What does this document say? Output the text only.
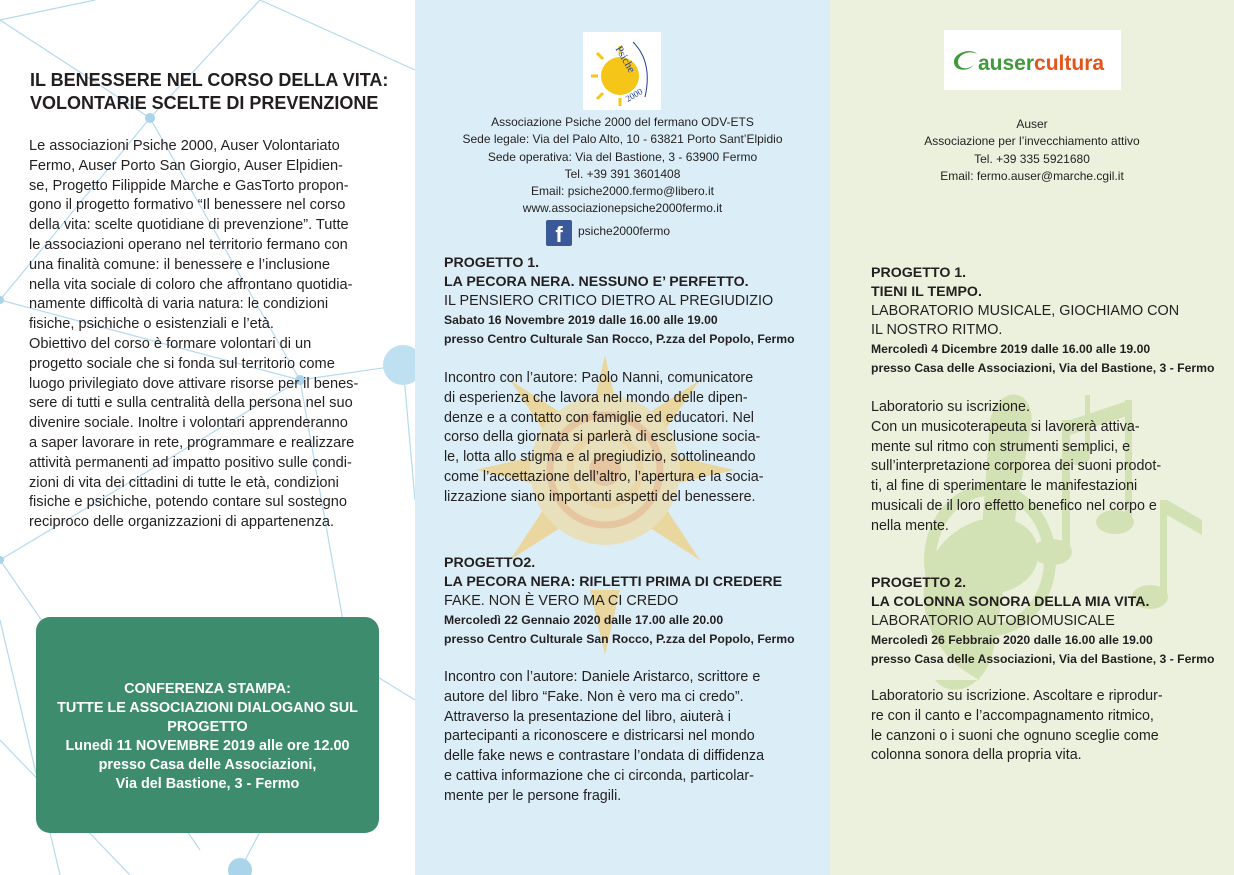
IL BENESSERE NEL CORSO DELLA VITA:
VOLONTARIE SCELTE DI PREVENZIONE
Le associazioni Psiche 2000, Auser Volontariato
Fermo, Auser Porto San Giorgio, Auser Elpidien-
se, Progetto Filippide Marche e GasTorto propon-
gono il progetto formativo “Il benessere nel corso
della vita: scelte quotidiane di prevenzione”. Tutte
le associazioni operano nel territorio fermano con
una finalità comune: il benessere e l’inclusione
nella vita sociale di coloro che affrontano quotidia-
namente difficoltà di varia natura: le condizioni
fisiche, psichiche o esistenziali e l’età.
Obiettivo del corso è formare volontari di un
progetto sociale che si fonda sul territorio come
luogo privilegiato dove attivare risorse per il benes-
sere di tutti e sulla centralità della persona nel suo
divenire sociale. Inoltre i volontari apprenderanno
a saper lavorare in rete, programmare e realizzare
attività permanenti ad impatto positivo sulle condi-
zioni di vita dei cittadini di tutte le età, condizioni
fisiche e psichiche, potendo contare sul sostegno
reciproco delle organizzazioni di appartenenza.
CONFERENZA STAMPA:
TUTTE LE ASSOCIAZIONI DIALOGANO SUL
PROGETTO
Lunedì 11 NOVEMBRE 2019 alle ore 12.00
presso Casa delle Associazioni,
Via del Bastione, 3 - Fermo
Psiche
2000
Associazione Psiche 2000 del fermano ODV-ETS
Sede legale: Via del Palo Alto, 10 - 63821 Porto Sant’Elpidio
Sede operativa: Via del Bastione, 3 - 63900 Fermo
Tel. +39 391 3601408
Email: psiche2000.fermo@libero.it
www.associazionepsiche2000fermo.it
f	psiche2000fermo
PROGETTO 1.
LA PECORA NERA. NESSUNO E’ PERFETTO.
IL PENSIERO CRITICO DIETRO AL PREGIUDIZIO
Sabato 16 Novembre 2019 dalle 16.00 alle 19.00
presso Centro Culturale San Rocco, P.zza del Popolo, Fermo
Incontro con l’autore: Paolo Nanni, comunicatore
di esperienza che lavora nel mondo delle dipen-
denze e a contatto con famiglie ed educatori. Nel
corso della giornata si parlerà di esclusione socia-
le, lotta allo stigma e al pregiudizio, sottolineando
come l’accettazione dell’altro, l’apertura e la socia-
lizzazione siano importanti aspetti del benessere.
PROGETTO2.
LA PECORA NERA: RIFLETTI PRIMA DI CREDERE
FAKE. NON È VERO MA CI CREDO
Mercoledì 22 Gennaio 2020 dalle 17.00 alle 20.00
presso Centro Culturale San Rocco, P.zza del Popolo, Fermo
Incontro con l’autore: Daniele Aristarco, scrittore e
autore del libro “Fake. Non è vero ma ci credo”.
Attraverso la presentazione del libro, aiuterà i
partecipanti a riconoscere e districarsi nel mondo
delle fake news e contrastare l’ondata di diffidenza
e cattiva informazione che ci circonda, particolar-
mente per le persone fragili.
ausercultura
Auser
Associazione per l’invecchiamento attivo
Tel. +39 335 5921680
Email: fermo.auser@marche.cgil.it
PROGETTO 1.
TIENI IL TEMPO.
LABORATORIO MUSICALE, GIOCHIAMO CON
IL NOSTRO RITMO.
Mercoledì 4 Dicembre 2019 dalle 16.00 alle 19.00
presso Casa delle Associazioni, Via del Bastione, 3 - Fermo
Laboratorio su iscrizione.
Con un musicoterapeuta si lavorerà attiva-
mente sul ritmo con strumenti semplici, e
sull’interpretazione corporea dei suoni prodot-
ti, al fine di sperimentare le manifestazioni
musicali de il loro effetto benefico nel corpo e
nella mente.
PROGETTO 2.
LA COLONNA SONORA DELLA MIA VITA.
LABORATORIO AUTOBIOMUSICALE
Mercoledì 26 Febbraio 2020 dalle 16.00 alle 19.00
presso Casa delle Associazioni, Via del Bastione, 3 - Fermo
Laboratorio su iscrizione. Ascoltare e riprodur-
re con il canto e l’accompagnamento ritmico,
le canzoni o i suoni che ognuno sceglie come
colonna sonora della propria vita.
